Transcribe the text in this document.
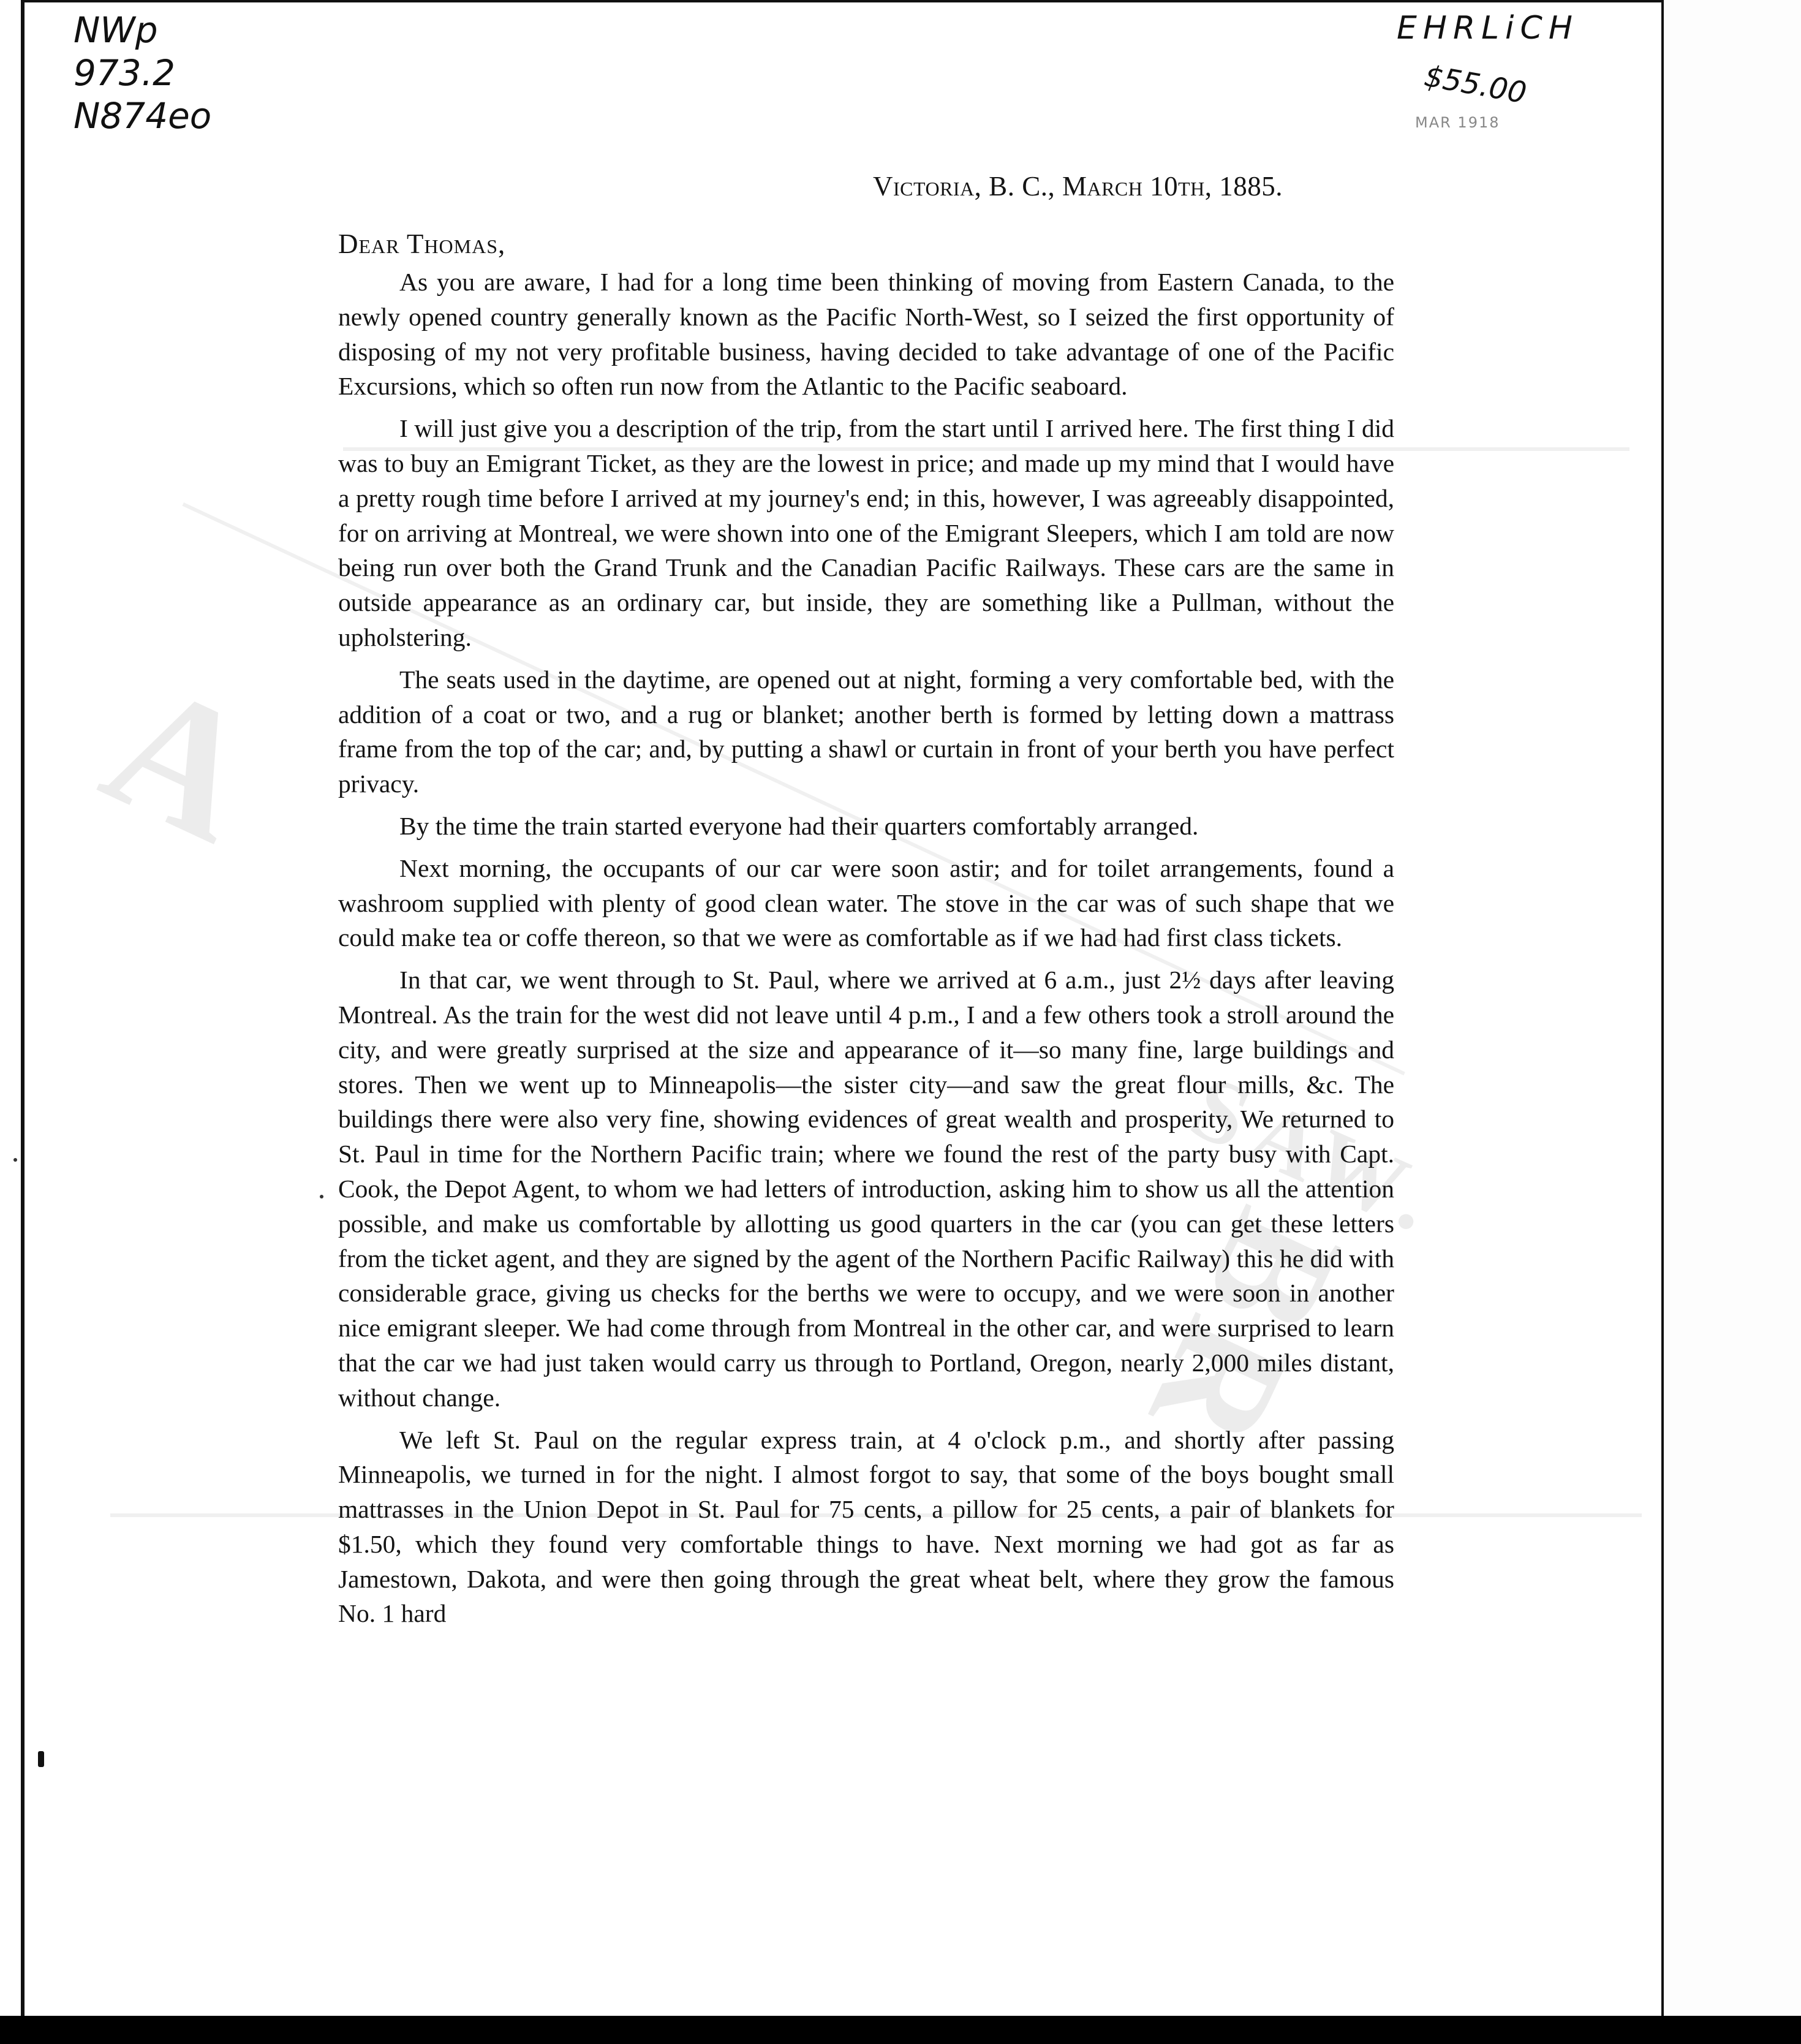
A
SAW.
BR
NWp
973.2
N874eo
EHRLiCH
$55.00
MAR 1918
Victoria, B. C., March 10th, 1885.
Dear Thomas,

As you are aware, I had for a long time been thinking of moving from Eastern Canada, to the newly opened country generally known as the Pacific North-West, so I seized the first opportunity of disposing of my not very profitable business, having decided to take advantage of one of the Pacific Excursions, which so often run now from the Atlantic to the Pacific seaboard.

I will just give you a description of the trip, from the start until I arrived here. The first thing I did was to buy an Emigrant Ticket, as they are the lowest in price; and made up my mind that I would have a pretty rough time before I arrived at my journey's end; in this, however, I was agreeably disappointed, for on arriving at Montreal, we were shown into one of the Emigrant Sleepers, which I am told are now being run over both the Grand Trunk and the Canadian Pacific Railways. These cars are the same in outside appearance as an ordinary car, but inside, they are something like a Pullman, without the upholstering.

The seats used in the daytime, are opened out at night, forming a very comfortable bed, with the addition of a coat or two, and a rug or blanket; another berth is formed by letting down a mattrass frame from the top of the car; and, by putting a shawl or curtain in front of your berth you have perfect privacy.

By the time the train started everyone had their quarters comfortably arranged.

Next morning, the occupants of our car were soon astir; and for toilet arrangements, found a washroom supplied with plenty of good clean water. The stove in the car was of such shape that we could make tea or coffe thereon, so that we were as comfortable as if we had had first class tickets.

In that car, we went through to St. Paul, where we arrived at 6 a.m., just 2½ days after leaving Montreal. As the train for the west did not leave until 4 p.m., I and a few others took a stroll around the city, and were greatly surprised at the size and appearance of it—so many fine, large buildings and stores. Then we went up to Minneapolis—the sister city—and saw the great flour mills, &c. The buildings there were also very fine, showing evidences of great wealth and prosperity, We returned to St. Paul in time for the Northern Pacific train; where we found the rest of the party busy with Capt. Cook, the Depot Agent, to whom we had letters of introduction, asking him to show us all the attention possible, and make us comfortable by allotting us good quarters in the car (you can get these letters from the ticket agent, and they are signed by the agent of the Northern Pacific Railway) this he did with considerable grace, giving us checks for the berths we were to occupy, and we were soon in another nice emigrant sleeper. We had come through from Montreal in the other car, and were surprised to learn that the car we had just taken would carry us through to Portland, Oregon, nearly 2,000 miles distant, without change.

We left St. Paul on the regular express train, at 4 o'clock p.m., and shortly after passing Minneapolis, we turned in for the night. I almost forgot to say, that some of the boys bought small mattrasses in the Union Depot in St. Paul for 75 cents, a pillow for 25 cents, a pair of blankets for $1.50, which they found very comfortable things to have. Next morning we had got as far as Jamestown, Dakota, and were then going through the great wheat belt, where they grow the famous No. 1 hard
